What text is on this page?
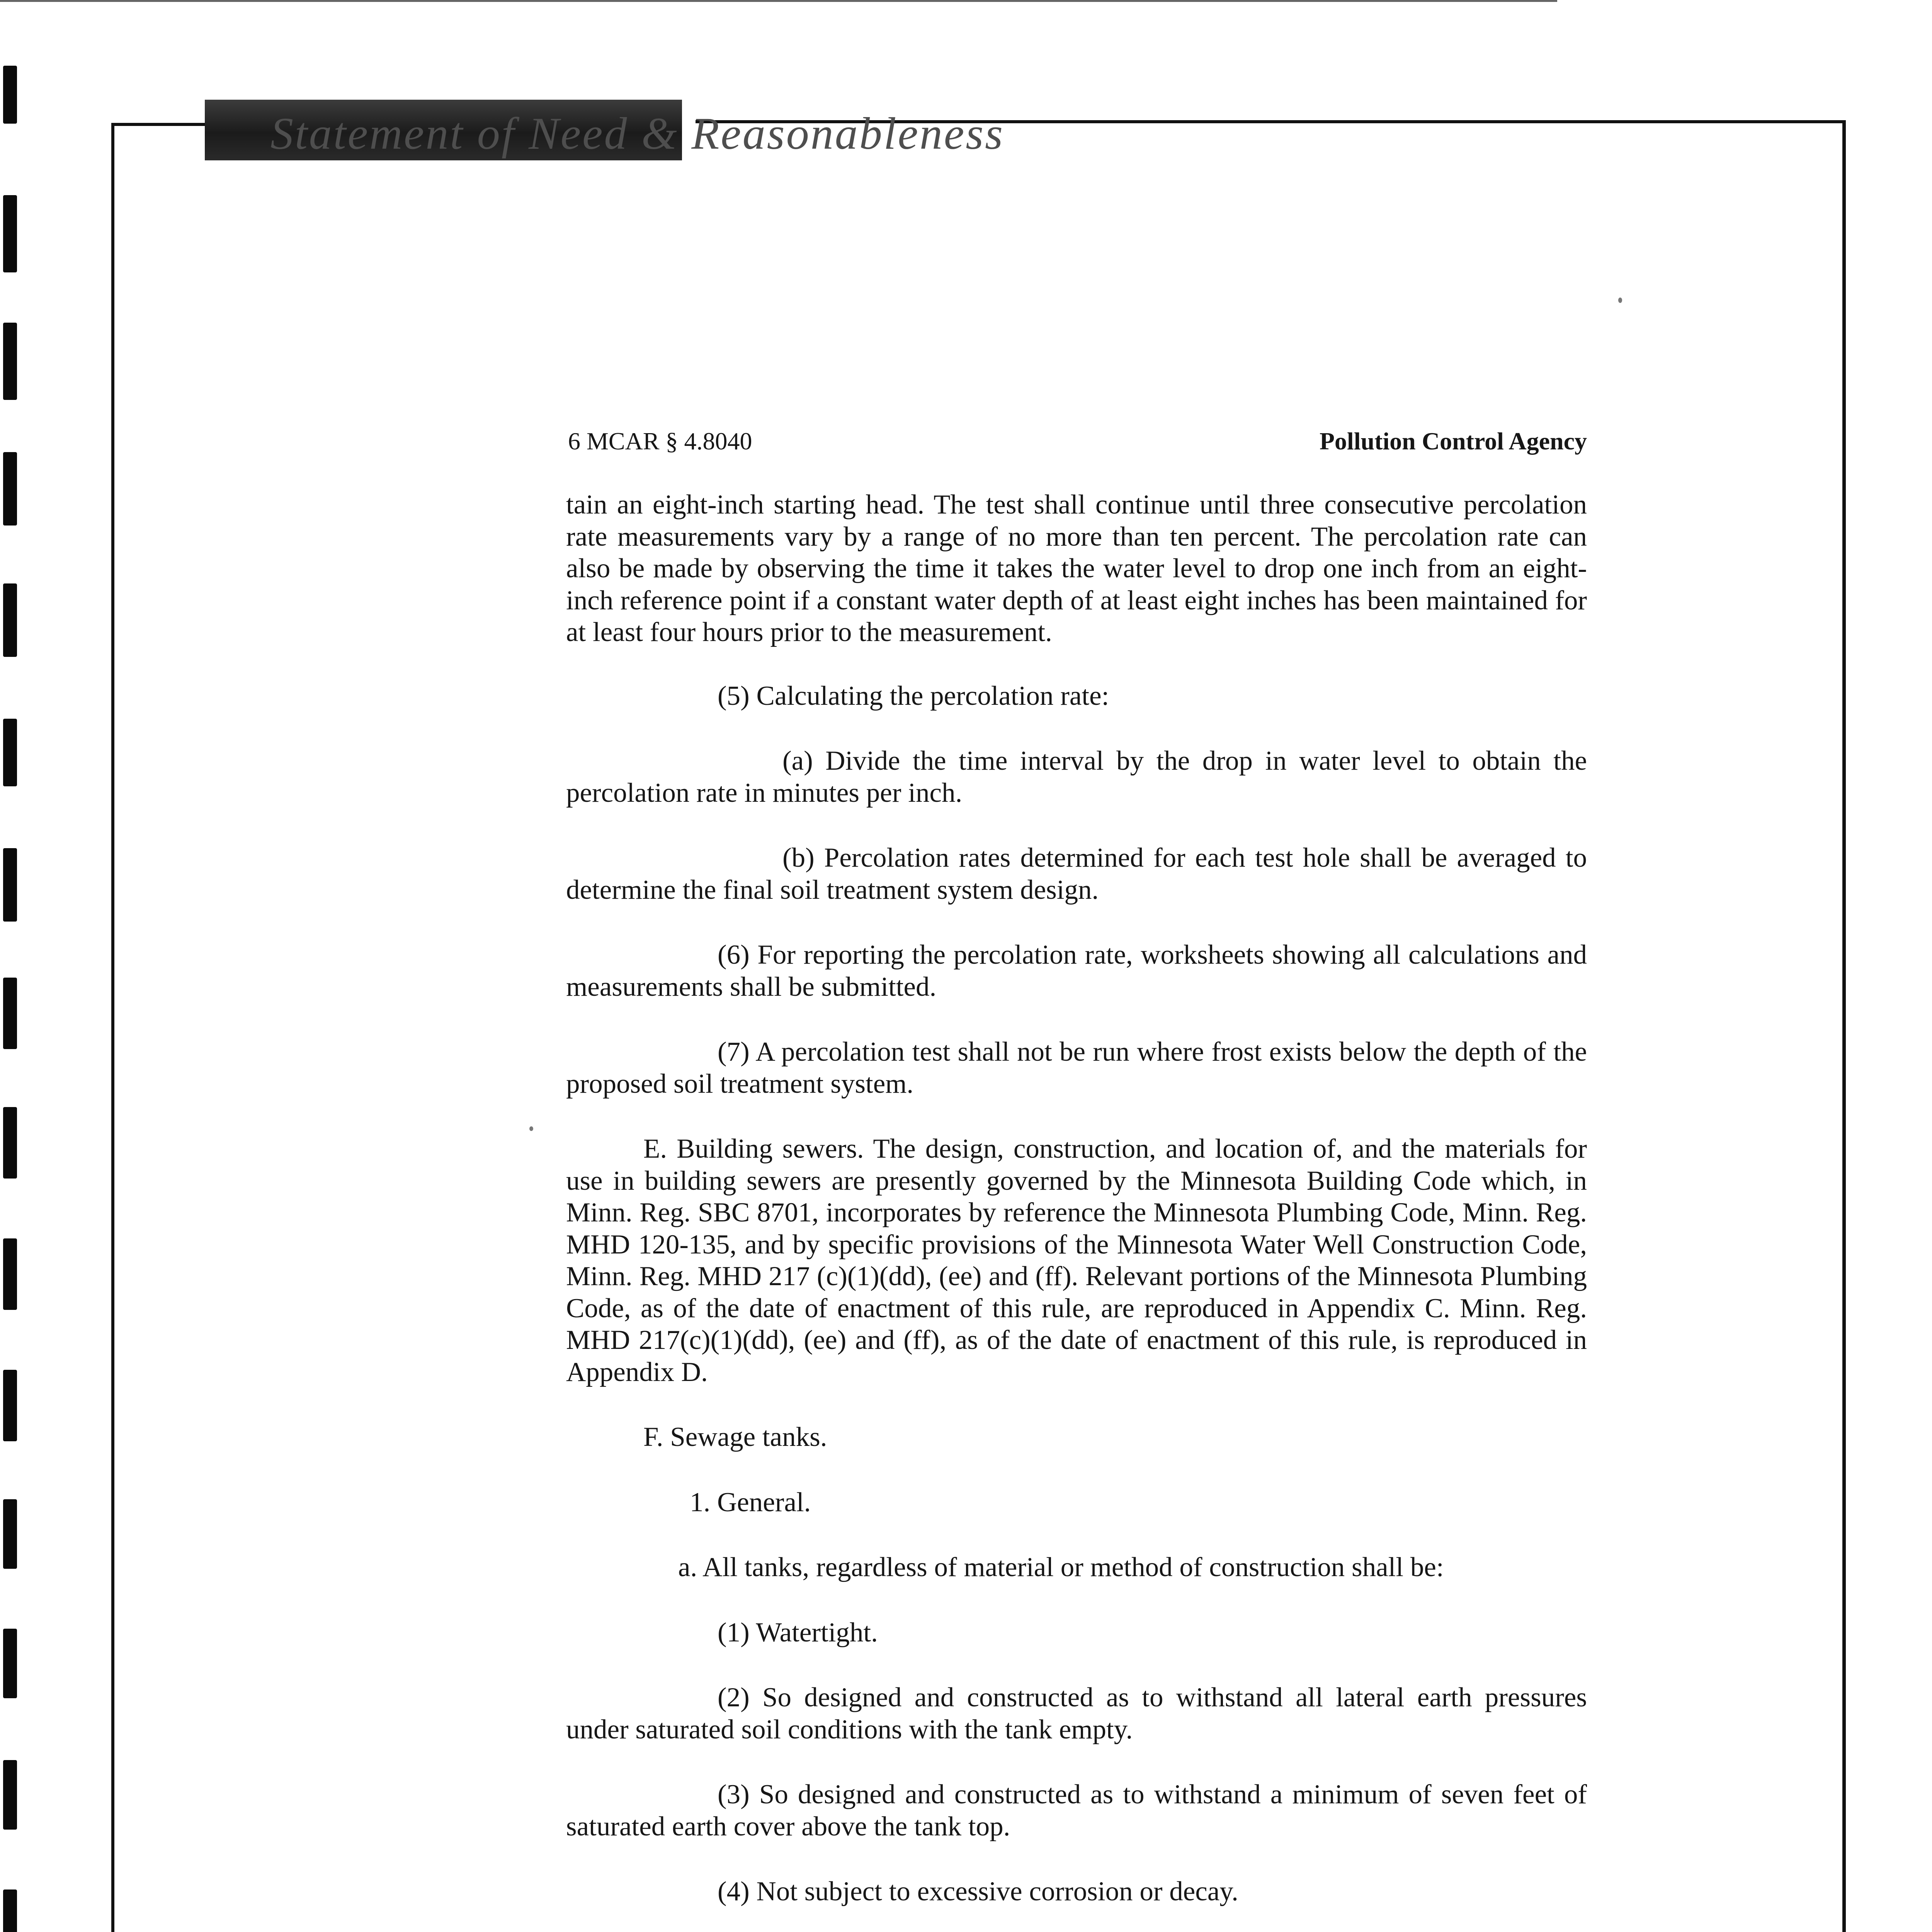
Statement of Need & Reasonableness
6 MCAR § 4.8040	Pollution Control Agency

tain an eight-inch starting head. The test shall continue until three consecutive percolation rate measurements vary by a range of no more than ten percent. The percolation rate can also be made by observing the time it takes the water level to drop one inch from an eight-inch reference point if a constant water depth of at least eight inches has been maintained for at least four hours prior to the measurement.

(5) Calculating the percolation rate:

(a) Divide the time interval by the drop in water level to obtain the percolation rate in minutes per inch.

(b) Percolation rates determined for each test hole shall be averaged to determine the final soil treatment system design.

(6) For reporting the percolation rate, worksheets showing all calculations and measurements shall be submitted.

(7) A percolation test shall not be run where frost exists below the depth of the proposed soil treatment system.

E. Building sewers. The design, construction, and location of, and the materials for use in building sewers are presently governed by the Minnesota Building Code which, in Minn. Reg. SBC 8701, incorporates by reference the Minnesota Plumbing Code, Minn. Reg. MHD 120-135, and by specific provisions of the Minnesota Water Well Construction Code, Minn. Reg. MHD 217 (c)(1)(dd), (ee) and (ff). Relevant portions of the Minnesota Plumbing Code, as of the date of enactment of this rule, are reproduced in Appendix C. Minn. Reg. MHD 217(c)(1)(dd), (ee) and (ff), as of the date of enactment of this rule, is reproduced in Appendix D.

F. Sewage tanks.

1. General.

a. All tanks, regardless of material or method of construction shall be:

(1) Watertight.

(2) So designed and constructed as to withstand all lateral earth pressures under saturated soil conditions with the tank empty.

(3) So designed and constructed as to withstand a minimum of seven feet of saturated earth cover above the tank top.

(4) Not subject to excessive corrosion or decay.
